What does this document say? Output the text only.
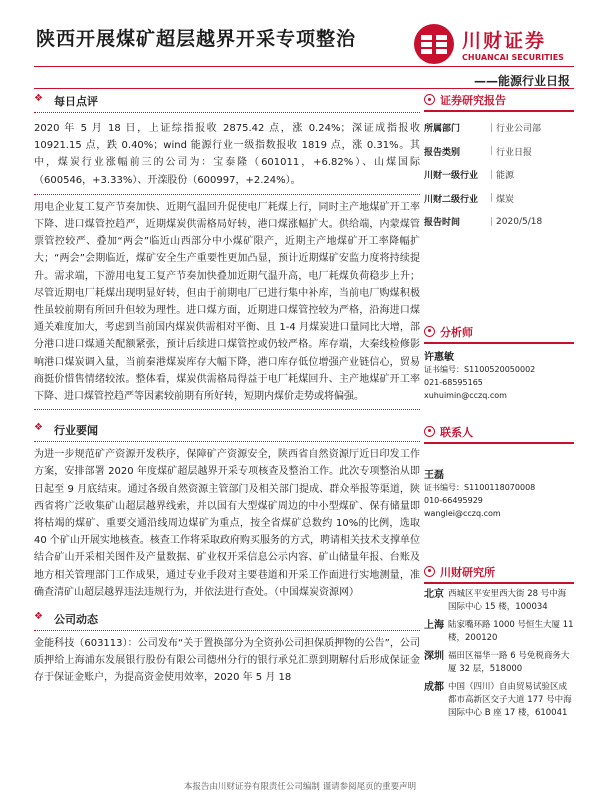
陕西开展煤矿超层越界开采专项整治	川财证券
CHUANCAI SECURITIES
——能源行业日报
❖ 每日点评

2020 年 5 月 18 日，上证综指报收 2875.42 点，涨 0.24%；深证成指报收 10921.15 点，跌 0.40%；wind 能源行业一级指数报收 1819 点，涨 0.31%。其中，煤炭行业涨幅前三的公司为：宝泰隆（601011，+6.82%）、山煤国际（600546，+3.33%）、开滦股份（600997，+2.24%）。

用电企业复工复产节奏加快、近期气温回升促使电厂耗煤上行，同时主产地煤矿开工率下降、进口煤管控趋严，近期煤炭供需格局好转，港口煤涨幅扩大。供给端，内蒙煤管票管控较严、叠加“两会”临近山西部分中小煤矿限产，近期主产地煤矿开工率降幅扩大；“两会”会期临近，煤矿安全生产重要性更加凸显，预计近期煤矿安监力度将持续提升。需求端，下游用电复工复产节奏加快叠加近期气温升高，电厂耗煤负荷稳步上升；尽管近期电厂耗煤出现明显好转，但由于前期电厂已进行集中补库，当前电厂购煤积极性虽较前期有所回升但较为理性。进口煤方面，近期进口煤管控较为严格，沿海进口煤通关难度加大，考虑到当前国内煤炭供需相对平衡、且 1-4 月煤炭进口量同比大增，部分港口进口煤通关配额紧张，预计后续进口煤管控或仍较严格。库存端，大秦线检修影响港口煤炭调入量，当前秦港煤炭库存大幅下降，港口库存低位增强产业链信心，贸易商挺价惜售情绪较浓。整体看，煤炭供需格局得益于电厂耗煤回升、主产地煤矿开工率下降、进口煤管控趋严等因素较前期有所好转，短期内煤价走势或将偏强。

❖ 行业要闻

为进一步规范矿产资源开发秩序，保障矿产资源安全，陕西省自然资源厅近日印发工作方案，安排部署 2020 年度煤矿超层越界开采专项核查及整治工作。此次专项整治从即日起至 9 月底结束。通过各级自然资源主管部门及相关部门提成、群众举报等渠道，陕西省将广泛收集矿山超层越界线索，并以国有大型煤矿周边的中小型煤矿、保有储量即将枯竭的煤矿、重要交通沿线周边煤矿为重点，按全省煤矿总数约 10%的比例，选取 40 个矿山开展实地核查。核查工作将采取政府购买服务的方式，聘请相关技术支撑单位结合矿山开采相关图件及产量数据、矿业权开采信息公示内容、矿山储量年报、台账及地方相关管理部门工作成果，通过专业手段对主要巷道和开采工作面进行实地测量，准确查清矿山超层越界违法违规行为，并依法进行查处。（中国煤炭资源网）

❖ 公司动态

金能科技（603113）：公司发布“关于置换部分为全资孙公司担保质押物的公告”，公司质押给上海浦东发展银行股份有限公司德州分行的银行承兑汇票到期解付后形成保证金存于保证金账户，为提高资金使用效率，2020 年 5 月 18

证券研究报告
所属部门	| 行业公司部
报告类别	| 行业日报
川财一级行业	| 能源
川财二级行业	| 煤炭
报告时间	| 2020/5/18
分析师
许惠敏
证书编号：S1100520050002
021-68595165
xuhuimin@cczq.com
联系人
王磊
证书编号：S1100118070008
010-66495929
wanglei@cczq.com
川财研究所
北京 西城区平安里西大街 28 号中海国际中心 15 楼，100034
上海 陆家嘴环路 1000 号恒生大厦 11 楼，200120
深圳 福田区福华一路 6 号免税商务大厦 32 层，518000
成都 中国（四川）自由贸易试验区成都市高新区交子大道 177 号中海国际中心 B 座 17 楼，610041
本报告由川财证券有限责任公司编制 谨请参阅尾页的重要声明
